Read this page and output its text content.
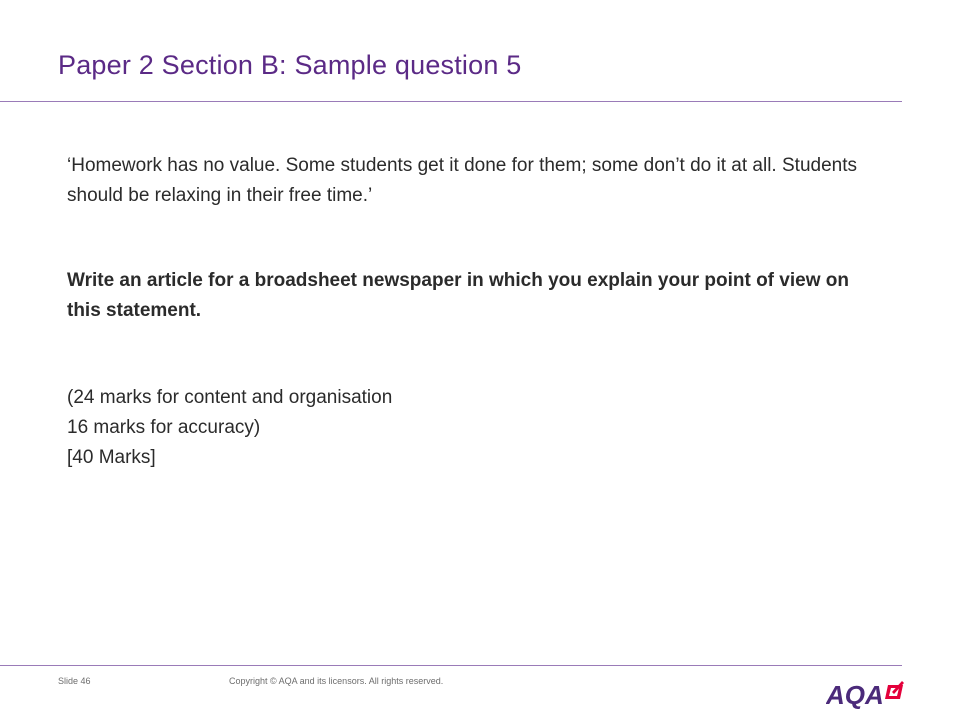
Paper 2 Section B: Sample question 5
‘Homework has no value. Some students get it done for them; some don’t do it at all. Students should be relaxing in their free time.’
Write an article for a broadsheet newspaper in which you explain your point of view on this statement.
(24 marks for content and organisation
16 marks for accuracy)
[40 Marks]
Slide 46	Copyright © AQA and its licensors. All rights reserved.	AQA
